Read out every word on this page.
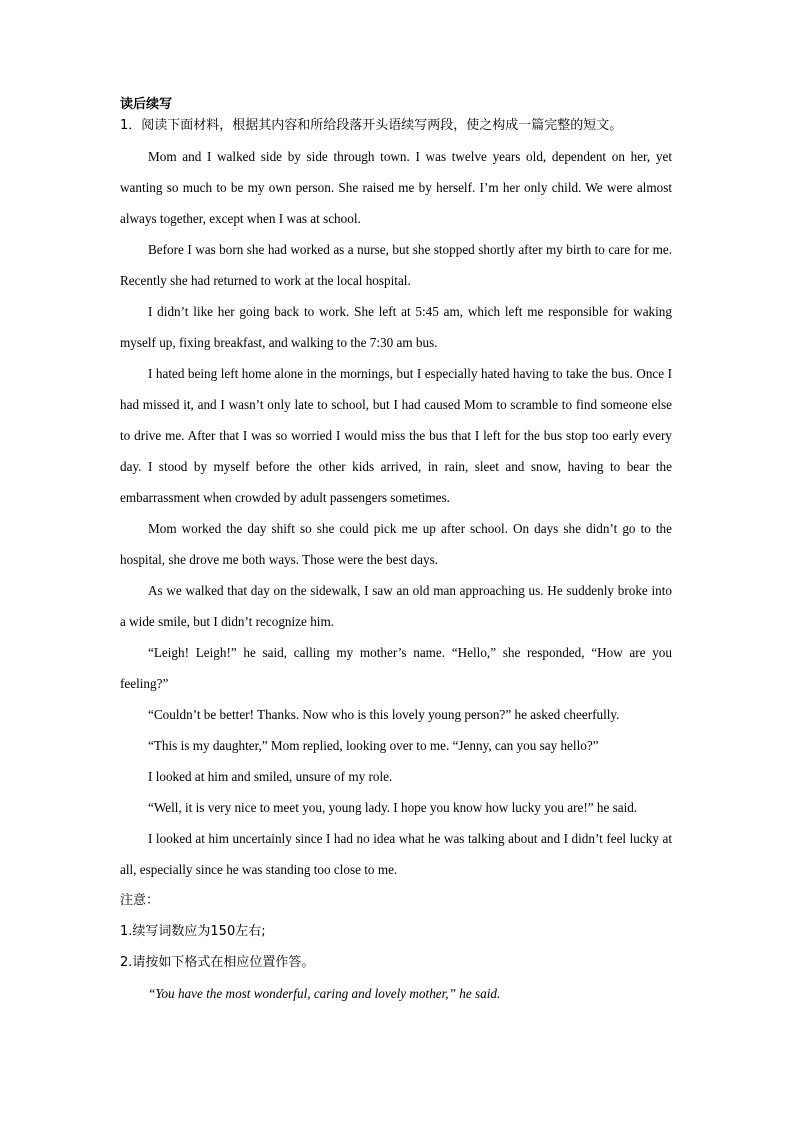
读后续写

1．阅读下面材料，根据其内容和所给段落开头语续写两段，使之构成一篇完整的短文。

Mom and I walked side by side through town. I was twelve years old, dependent on her, yet wanting so much to be my own person. She raised me by herself. I’m her only child. We were almost always together, except when I was at school.

Before I was born she had worked as a nurse, but she stopped shortly after my birth to care for me. Recently she had returned to work at the local hospital.

I didn’t like her going back to work. She left at 5:45 am, which left me responsible for waking myself up, fixing breakfast, and walking to the 7:30 am bus.

I hated being left home alone in the mornings, but I especially hated having to take the bus. Once I had missed it, and I wasn’t only late to school, but I had caused Mom to scramble to find someone else to drive me. After that I was so worried I would miss the bus that I left for the bus stop too early every day. I stood by myself before the other kids arrived, in rain, sleet and snow, having to bear the embarrassment when crowded by adult passengers sometimes.

Mom worked the day shift so she could pick me up after school. On days she didn’t go to the hospital, she drove me both ways. Those were the best days.

As we walked that day on the sidewalk, I saw an old man approaching us. He suddenly broke into a wide smile, but I didn’t recognize him.

“Leigh! Leigh!” he said, calling my mother’s name. “Hello,” she responded, “How are you feeling?”

“Couldn’t be better! Thanks. Now who is this lovely young person?” he asked cheerfully.

“This is my daughter,” Mom replied, looking over to me. “Jenny, can you say hello?”

I looked at him and smiled, unsure of my role.

“Well, it is very nice to meet you, young lady. I hope you know how lucky you are!” he said.

I looked at him uncertainly since I had no idea what he was talking about and I didn’t feel lucky at all, especially since he was standing too close to me.

注意：

1.续写词数应为150左右;

2.请按如下格式在相应位置作答。

“You have the most wonderful, caring and lovely mother,” he said.
